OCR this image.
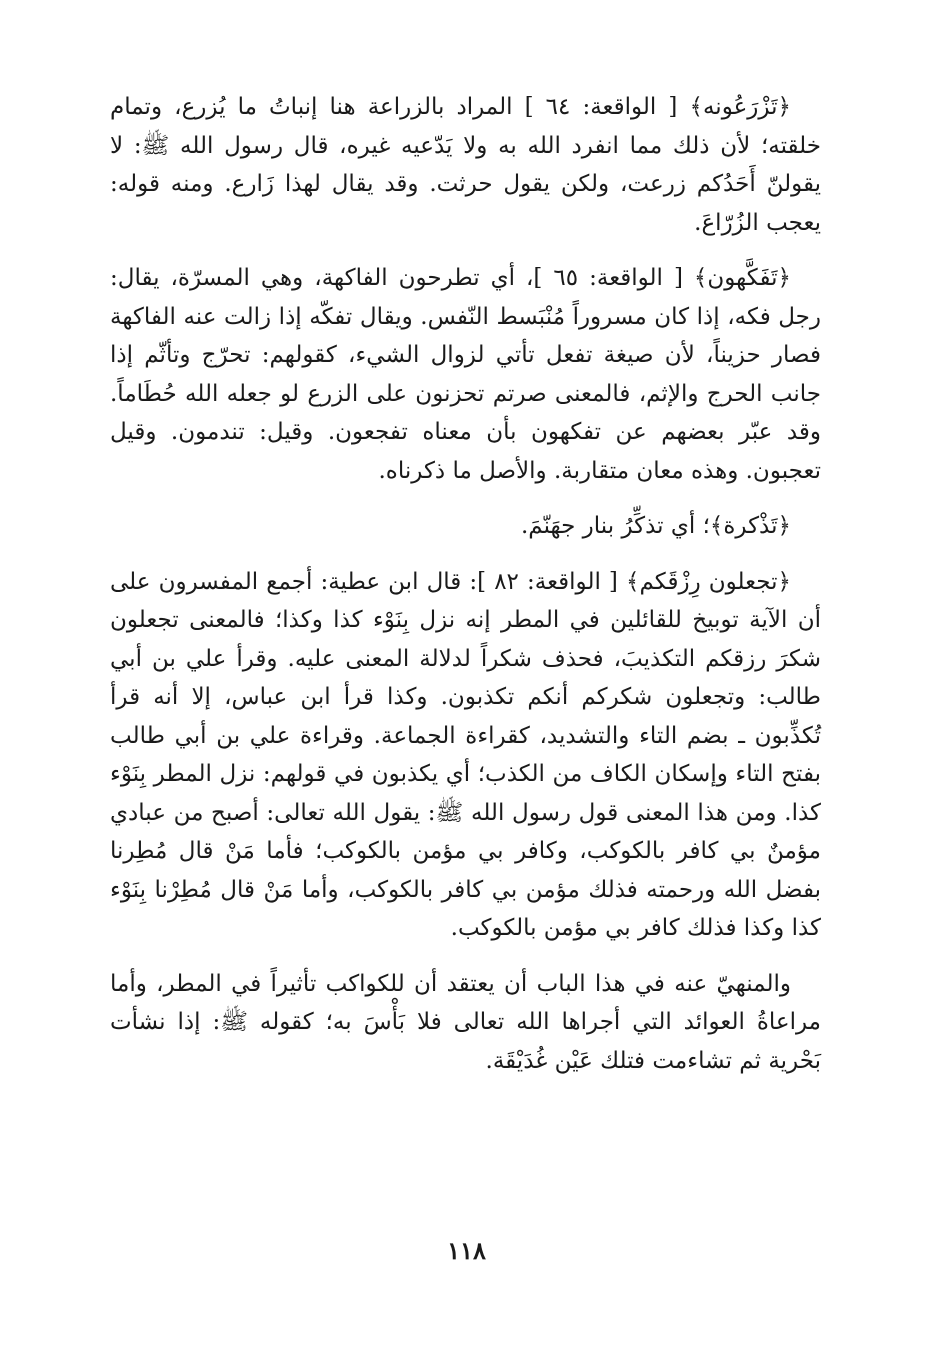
﴿تَزْرَعُونه﴾ [ الواقعة: ٦٤ ] المراد بالزراعة هنا إنباتُ ما يُزرع، وتمام خلقته؛ لأن ذلك مما انفرد الله به ولا يَدّعيه غيره، قال رسول الله ﷺ: لا يقولنّ أَحَدُكم زرعت، ولكن يقول حرثت. وقد يقال لهذا زَارع. ومنه قوله: يعجب الزُرّاعَ.

﴿تَفَكَّهون﴾ [ الواقعة: ٦٥ ]، أي تطرحون الفاكهة، وهي المسرّة، يقال: رجل فكه، إذا كان مسروراً مُنْبَسط النّفس. ويقال تفكّه إذا زالت عنه الفاكهة فصار حزيناً، لأن صيغة تفعل تأتي لزوال الشيء، كقولهم: تحرّج وتأثّم إذا جانب الحرج والإثم، فالمعنى صرتم تحزنون على الزرع لو جعله الله حُطَاماً. وقد عبّر بعضهم عن تفكهون بأن معناه تفجعون. وقيل: تندمون. وقيل تعجبون. وهذه معان متقاربة. والأصل ما ذكرناه.

﴿تَذْكرة﴾؛ أي تذكِّرُ بنار جهَنّمَ.

﴿تجعلون رِزْقَكم﴾ [ الواقعة: ٨٢ ]: قال ابن عطية: أجمع المفسرون على أن الآية توبيخ للقائلين في المطر إنه نزل بِنَوْء كذا وكذا؛ فالمعنى تجعلون شكرَ رزقكم التكذيبَ، فحذف شكراً لدلالة المعنى عليه. وقرأ علي بن أبي طالب: وتجعلون شكركم أنكم تكذبون. وكذا قرأ ابن عباس، إلا أنه قرأ تُكذِّبون ـ بضم التاء والتشديد، كقراءة الجماعة. وقراءة علي بن أبي طالب بفتح التاء وإسكان الكاف من الكذب؛ أي يكذبون في قولهم: نزل المطر بِنَوْء كذا. ومن هذا المعنى قول رسول الله ﷺ: يقول الله تعالى: أصبح من عبادي مؤمنٌ بي كافر بالكوكب، وكافر بي مؤمن بالكوكب؛ فأما مَنْ قال مُطِرنا بفضل الله ورحمته فذلك مؤمن بي كافر بالكوكب، وأما مَنْ قال مُطِرْنا بِنَوْء كذا وكذا فذلك كافر بي مؤمن بالكوكب.

والمنهيّ عنه في هذا الباب أن يعتقد أن للكواكب تأثيراً في المطر، وأما مراعاةُ العوائد التي أجراها الله تعالى فلا بَأْسَ به؛ كقوله ﷺ: إذا نشأت بَحْرية ثم تشاءمت فتلك عَيْن غُدَيْقَة.

١١٨
